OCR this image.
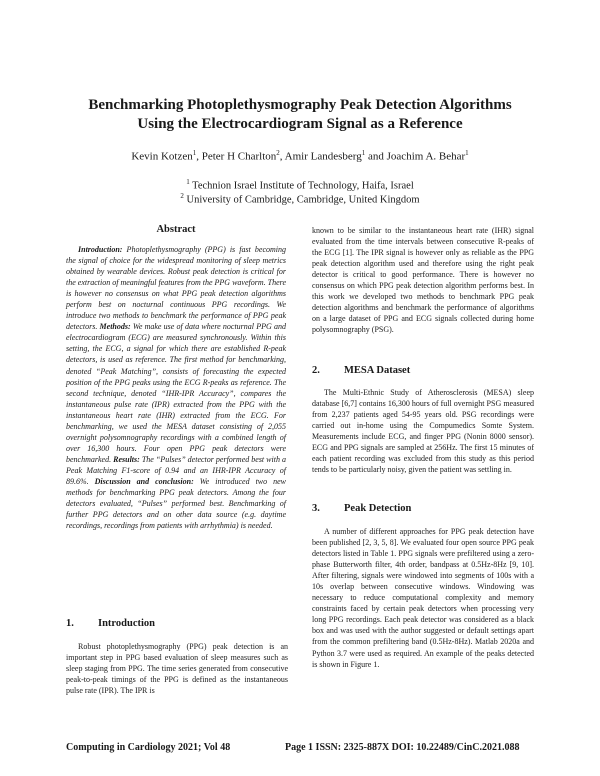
Benchmarking Photoplethysmography Peak Detection Algorithms
Using the Electrocardiogram Signal as a Reference
Kevin Kotzen$^1$, Peter H Charlton$^2$, Amir Landesberg$^1$ and Joachim A. Behar$^1$
$^1$ Technion Israel Institute of Technology, Haifa, Israel
$^2$ University of Cambridge, Cambridge, United Kingdom
Abstract
Introduction: Photoplethysmography (PPG) is fast becoming the signal of choice for the widespread monitoring of sleep metrics obtained by wearable devices. Robust peak detection is critical for the extraction of meaningful features from the PPG waveform. There is however no consensus on what PPG peak detection algorithms perform best on nocturnal continuous PPG recordings. We introduce two methods to benchmark the performance of PPG peak detectors. Methods: We make use of data where nocturnal PPG and electrocardiogram (ECG) are measured synchronously. Within this setting, the ECG, a signal for which there are established R-peak detectors, is used as reference. The first method for benchmarking, denoted “Peak Matching”, consists of forecasting the expected position of the PPG peaks using the ECG R-peaks as reference. The second technique, denoted “IHR-IPR Accuracy”, compares the instantaneous pulse rate (IPR) extracted from the PPG with the instantaneous heart rate (IHR) extracted from the ECG. For benchmarking, we used the MESA dataset consisting of 2,055 overnight polysomnography recordings with a combined length of over 16,300 hours. Four open PPG peak detectors were benchmarked. Results: The “Pulses” detector performed best with a Peak Matching F1-score of 0.94 and an IHR-IPR Accuracy of 89.6%. Discussion and conclusion: We introduced two new methods for benchmarking PPG peak detectors. Among the four detectors evaluated, “Pulses” performed best. Benchmarking of further PPG detectors and on other data source (e.g. daytime recordings, recordings from patients with arrhythmia) is needed.
1. Introduction

Robust photoplethysmography (PPG) peak detection is an important step in PPG based evaluation of sleep measures such as sleep staging from PPG. The time series generated from consecutive peak-to-peak timings of the PPG is defined as the instantaneous pulse rate (IPR). The IPR is

known to be similar to the instantaneous heart rate (IHR) signal evaluated from the time intervals between consecutive R-peaks of the ECG [1]. The IPR signal is however only as reliable as the PPG peak detection algorithm used and therefore using the right peak detector is critical to good performance. There is however no consensus on which PPG peak detection algorithm performs best. In this work we developed two methods to benchmark PPG peak detection algorithms and benchmark the performance of algorithms on a large dataset of PPG and ECG signals collected during home polysomnography (PSG).

2. MESA Dataset

The Multi-Ethnic Study of Atherosclerosis (MESA) sleep database [6,7] contains 16,300 hours of full overnight PSG measured from 2,237 patients aged 54-95 years old. PSG recordings were carried out in-home using the Compumedics Somte System. Measurements include ECG, and finger PPG (Nonin 8000 sensor). ECG and PPG signals are sampled at 256Hz. The first 15 minutes of each patient recording was excluded from this study as this period tends to be particularly noisy, given the patient was settling in.

3. Peak Detection

A number of different approaches for PPG peak detection have been published [2, 3, 5, 8]. We evaluated four open source PPG peak detectors listed in Table 1. PPG signals were prefiltered using a zero-phase Butterworth filter, 4th order, bandpass at 0.5Hz-8Hz [9, 10]. After filtering, signals were windowed into segments of 100s with a 10s overlap between consecutive windows. Windowing was necessary to reduce computational complexity and memory constraints faced by certain peak detectors when processing very long PPG recordings. Each peak detector was considered as a black box and was used with the author suggested or default settings apart from the common prefiltering band (0.5Hz-8Hz). Matlab 2020a and Python 3.7 were used as required. An example of the peaks detected is shown in Figure 1.

Computing in Cardiology 2021; Vol 48	Page 1 ISSN: 2325-887X DOI: 10.22489/CinC.2021.088
